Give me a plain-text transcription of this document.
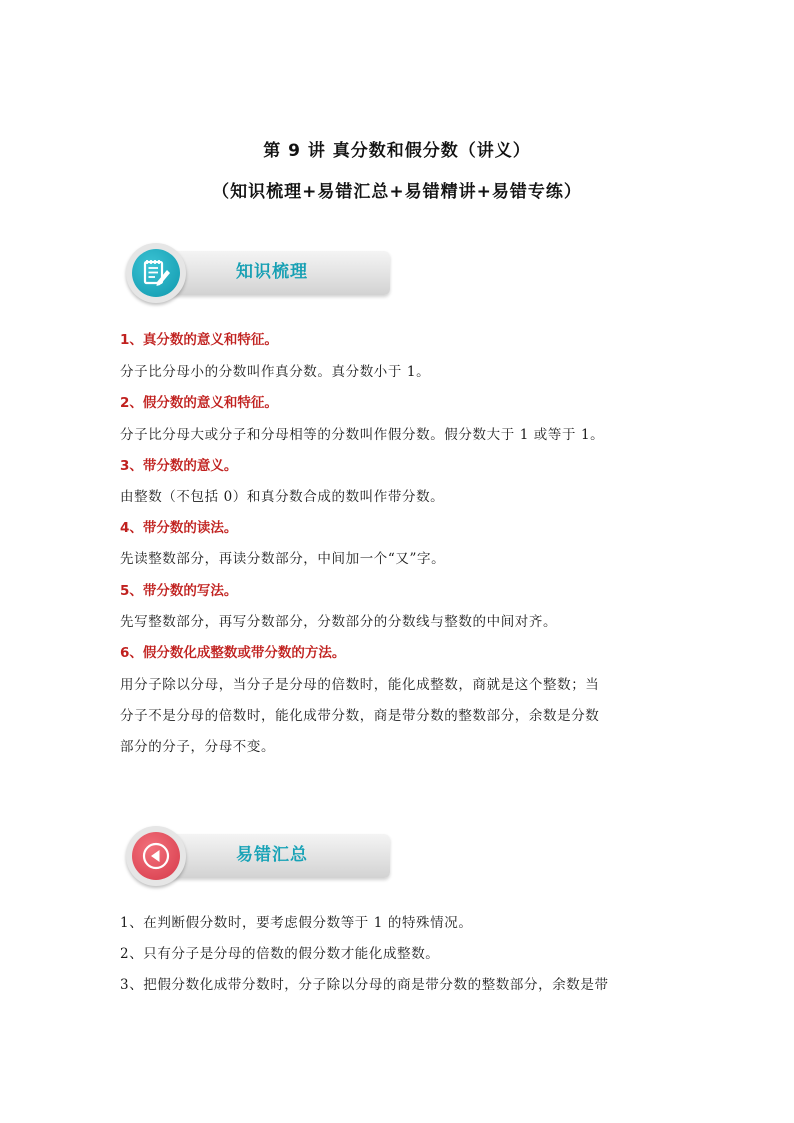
第 9 讲 真分数和假分数（讲义）
（知识梳理+易错汇总+易错精讲+易错专练）
知识梳理
1、真分数的意义和特征。
分子比分母小的分数叫作真分数。真分数小于 1。
2、假分数的意义和特征。
分子比分母大或分子和分母相等的分数叫作假分数。假分数大于 1 或等于 1。
3、带分数的意义。
由整数（不包括 0）和真分数合成的数叫作带分数。
4、带分数的读法。
先读整数部分，再读分数部分，中间加一个“又”字。
5、带分数的写法。
先写整数部分，再写分数部分，分数部分的分数线与整数的中间对齐。
6、假分数化成整数或带分数的方法。
用分子除以分母，当分子是分母的倍数时，能化成整数，商就是这个整数；当
分子不是分母的倍数时，能化成带分数，商是带分数的整数部分，余数是分数
部分的分子，分母不变。
易错汇总
1、在判断假分数时，要考虑假分数等于 1 的特殊情况。
2、只有分子是分母的倍数的假分数才能化成整数。
3、把假分数化成带分数时，分子除以分母的商是带分数的整数部分，余数是带
